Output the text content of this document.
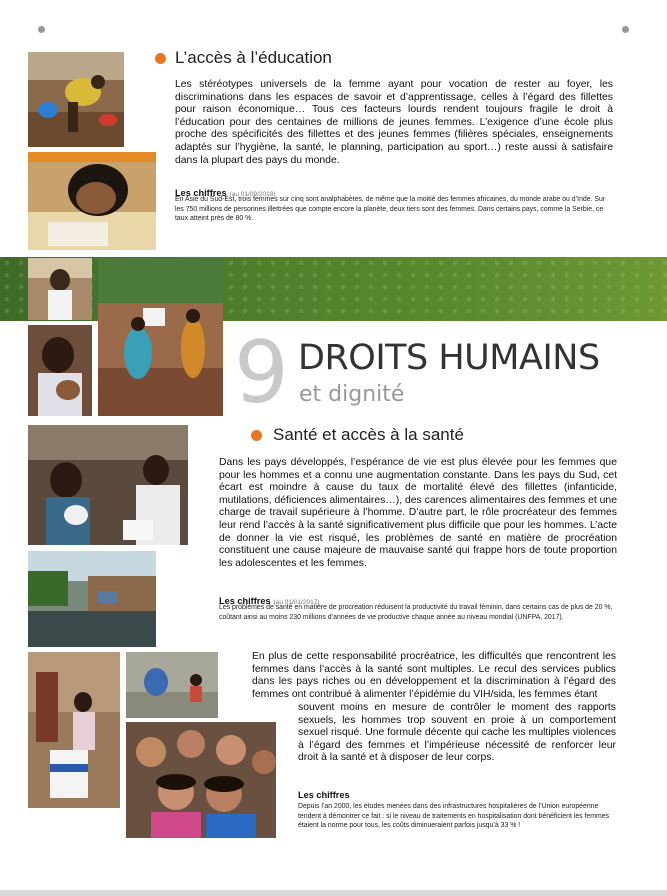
L’accès à l’éducation
Les stéréotypes universels de la femme ayant pour vocation de rester au foyer, les discriminations dans les espaces de savoir et d’apprentissage, celles à l’égard des fillettes pour raison économique… Tous ces facteurs lourds rendent toujours fragile le droit à l’éducation pour des centaines de millions de jeunes femmes. L’exigence d’une école plus proche des spécificités des fillettes et des jeunes femmes (filières spéciales, enseignements adaptés sur l’hygiène, la santé, le planning, participation au sport…) reste aussi à satisfaire dans la plupart des pays du monde.
Les chiffres (au 01/09/2018)
En Asie du Sud-Est, trois femmes sur cinq sont analphabètes, de même que la moitié des femmes africaines, du monde arabe ou d’Inde. Sur les 750 millions de personnes illettrées que compte encore la planète, deux tiers sont des femmes. Dans certains pays, comme la Serbie, ce taux atteint près de 80 %.
9 DROITS HUMAINS
et dignité
Santé et accès à la santé
Dans les pays développés, l’espérance de vie est plus élevée pour les femmes que pour les hommes et a connu une augmentation constante. Dans les pays du Sud, cet écart est moindre à cause du taux de mortalité élevé des fillettes (infanticide, mutilations, déficiences alimentaires…), des carences alimentaires des femmes et une charge de travail supérieure à l’homme. D’autre part, le rôle procréateur des femmes leur rend l’accès à la santé significativement plus difficile que pour les hommes. L’acte de donner la vie est risqué, les problèmes de santé en matière de procréation constituent une cause majeure de mauvaise santé qui frappe hors de toute proportion les adolescentes et les femmes.
Les chiffres (au 01/01/2017)
Les problèmes de santé en matière de procréation réduisent la productivité du travail féminin, dans certains cas de plus de 20 %, coûtant ainsi au moins 230 millions d’années de vie productive chaque année au niveau mondial (UNFPA, 2017).
En plus de cette responsabilité procréatrice, les difficultés que rencontrent les femmes dans l’accès à la santé sont multiples. Le recul des services publics dans les pays riches ou en développement et la discrimination à l’égard des femmes ont contribué à alimenter l’épidémie du VIH/sida, les femmes étant
souvent moins en mesure de contrôler le moment des rapports sexuels, les hommes trop souvent en proie à un comportement sexuel risqué. Une formule décente qui cache les multiples violences à l’égard des femmes et l’impérieuse nécessité de renforcer leur droit à la santé et à disposer de leur corps.
Les chiffres
Depuis l’an 2000, les études menées dans des infrastructures hospitalières de l’Union européenne tendent à démontrer ce fait : si le niveau de traitements en hospitalisation dont bénéficient les femmes étaient la norme pour tous, les coûts diminueraient parfois jusqu’à 33 % !
